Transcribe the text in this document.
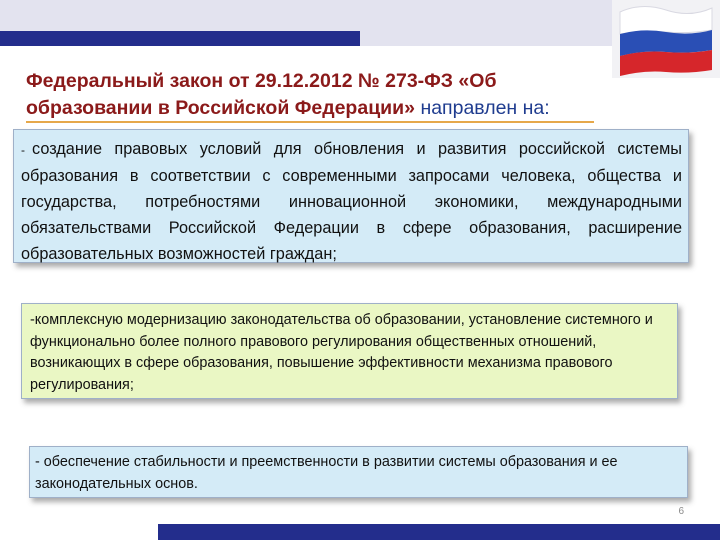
Федеральный закон от 29.12.2012 № 273-ФЗ «Об образовании в Российской Федерации» направлен на:
- создание правовых условий для обновления и развития российской системы образования в соответствии с современными запросами человека, общества и государства, потребностями инновационной экономики, международными обязательствами Российской Федерации в сфере образования, расширение образовательных возможностей граждан;
-комплексную модернизацию законодательства об образовании, установление системного и функционально более полного правового регулирования общественных отношений, возникающих в сфере образования, повышение эффективности механизма правового регулирования;
- обеспечение стабильности и преемственности в развитии системы образования и ее законодательных основ.
6
